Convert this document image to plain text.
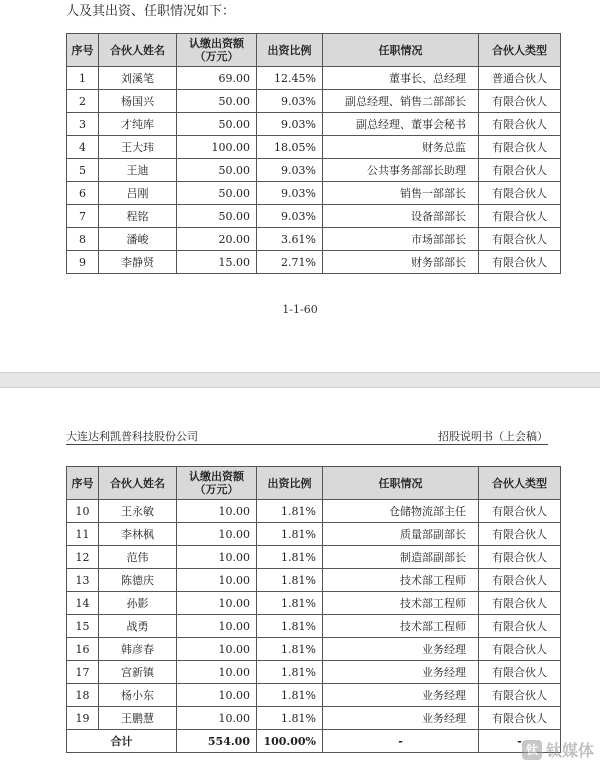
人及其出资、任职情况如下：
序号	合伙人姓名	认缴出资额（万元）	出资比例	任职情况	合伙人类型
1	刘溪笔	69.00	12.45%	董事长、总经理	普通合伙人
2	杨国兴	50.00	9.03%	副总经理、销售二部部长	有限合伙人
3	才纯库	50.00	9.03%	副总经理、董事会秘书	有限合伙人
4	王大玮	100.00	18.05%	财务总监	有限合伙人
5	王迪	50.00	9.03%	公共事务部部长助理	有限合伙人
6	吕刚	50.00	9.03%	销售一部部长	有限合伙人
7	程铭	50.00	9.03%	设备部部长	有限合伙人
8	潘峻	20.00	3.61%	市场部部长	有限合伙人
9	李静贤	15.00	2.71%	财务部部长	有限合伙人
1-1-60
大连达利凯普科技股份公司	招股说明书（上会稿）
序号	合伙人姓名	认缴出资额（万元）	出资比例	任职情况	合伙人类型
10	王永敏	10.00	1.81%	仓储物流部主任	有限合伙人
11	李林枫	10.00	1.81%	质量部副部长	有限合伙人
12	范伟	10.00	1.81%	制造部副部长	有限合伙人
13	陈德庆	10.00	1.81%	技术部工程师	有限合伙人
14	孙影	10.00	1.81%	技术部工程师	有限合伙人
15	战勇	10.00	1.81%	技术部工程师	有限合伙人
16	韩彦春	10.00	1.81%	业务经理	有限合伙人
17	宫新镇	10.00	1.81%	业务经理	有限合伙人
18	杨小东	10.00	1.81%	业务经理	有限合伙人
19	王鹏慧	10.00	1.81%	业务经理	有限合伙人
合计		554.00	100.00%	-	-
钛 钛媒体
